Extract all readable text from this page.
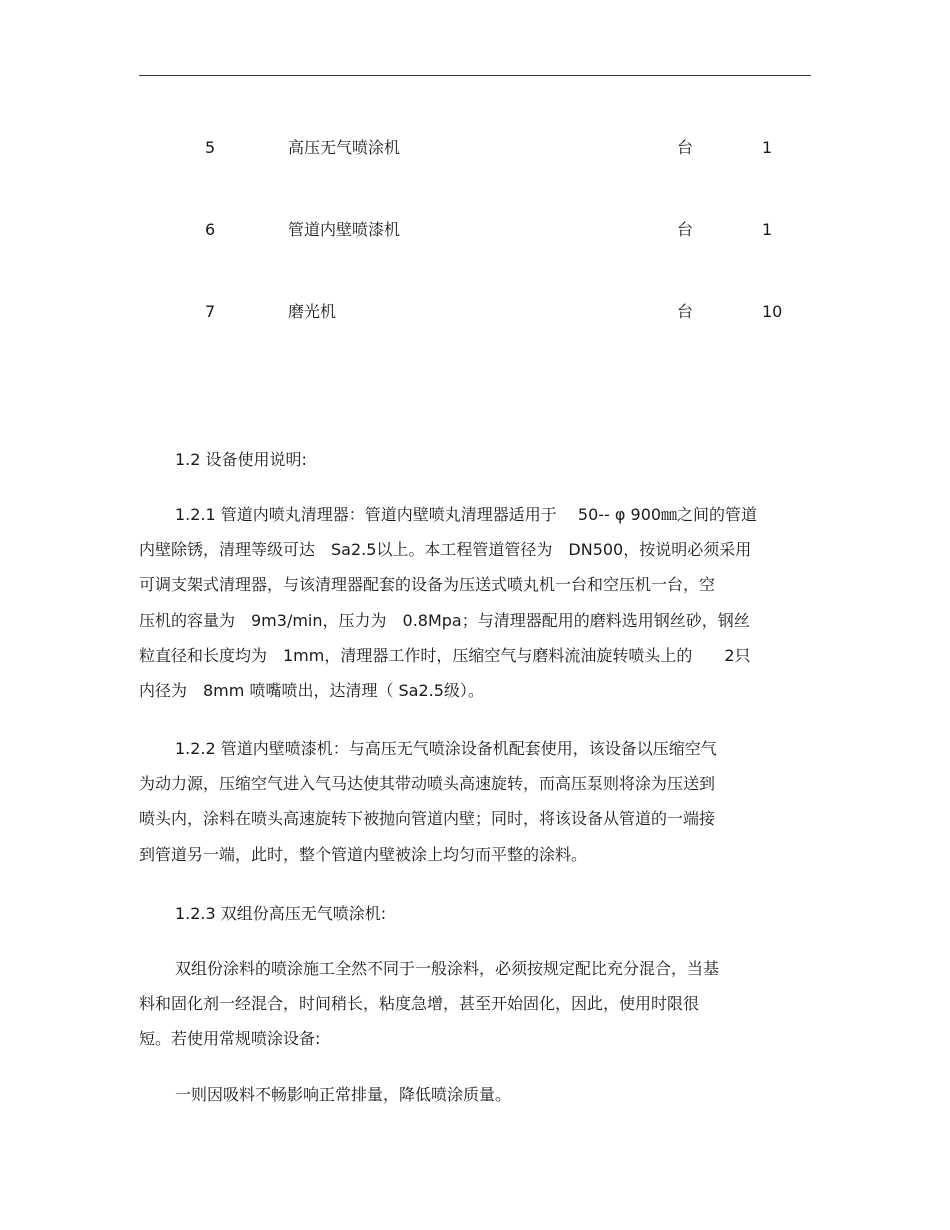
5	高压无气喷涂机	台	1
6	管道内壁喷漆机	台	1
7	磨光机	台	10
1.2 设备使用说明:
1.2.1 管道内喷丸清理器：管道内壁喷丸清理器适用于　 50-- φ 900㎜之间的管道
内壁除锈，清理等级可达　Sa2.5以上。本工程管道管径为　DN500，按说明必须采用
可调支架式清理器，与该清理器配套的设备为压送式喷丸机一台和空压机一台，空
压机的容量为　9m3/min，压力为　0.8Mpa；与清理器配用的磨料选用钢丝砂，钢丝
粒直径和长度均为　1mm，清理器工作时，压缩空气与磨料流油旋转喷头上的　　2只
内径为　8mm 喷嘴喷出，达清理（ Sa2.5级）。
1.2.2 管道内壁喷漆机：与高压无气喷涂设备机配套使用，该设备以压缩空气
为动力源，压缩空气进入气马达使其带动喷头高速旋转，而高压泵则将涂为压送到
喷头内，涂料在喷头高速旋转下被抛向管道内壁；同时，将该设备从管道的一端接
到管道另一端，此时，整个管道内壁被涂上均匀而平整的涂料。
1.2.3 双组份高压无气喷涂机:
双组份涂料的喷涂施工全然不同于一般涂料，必须按规定配比充分混合，当基
料和固化剂一经混合，时间稍长，粘度急增，甚至开始固化，因此，使用时限很
短。若使用常规喷涂设备:
一则因吸料不畅影响正常排量，降低喷涂质量。
